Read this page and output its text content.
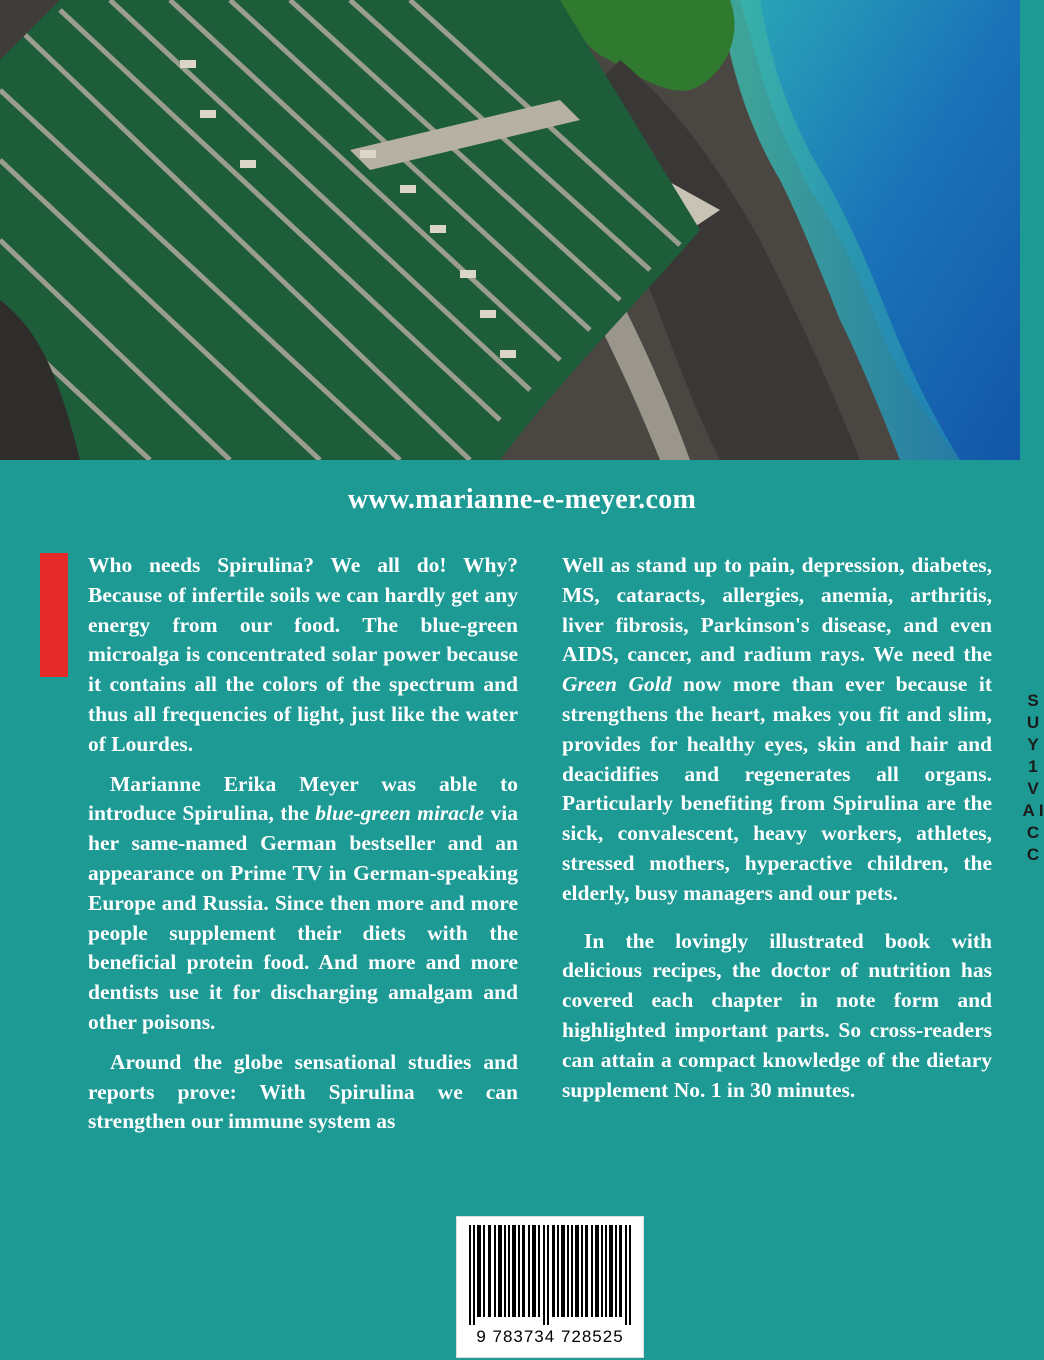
www.marianne-e-meyer.com

Who needs Spirulina? We all do! Why? Because of infertile soils we can hardly get any energy from our food. The blue-green microalga is concentrated solar power because it contains all the colors of the spectrum and thus all frequencies of light, just like the water of Lourdes.

Marianne Erika Meyer was able to introduce Spirulina, the blue-green miracle via her same-named German bestseller and an appearance on Prime TV in German-speaking Europe and Russia. Since then more and more people supplement their diets with the beneficial protein food. And more and more dentists use it for discharging amalgam and other poisons.

Around the globe sensational studies and reports prove: With Spirulina we can strengthen our immune system as

Well as stand up to pain, depression, diabetes, MS, cataracts, allergies, anemia, arthritis, liver fibrosis, Parkinson's disease, and even AIDS, cancer, and radium rays. We need the Green Gold now more than ever because it strengthens the heart, makes you fit and slim, provides for healthy eyes, skin and hair and deacidifies and regenerates all organs. Particularly benefiting from Spirulina are the sick, convalescent, heavy workers, athletes, stressed mothers, hyperactive children, the elderly, busy managers and our pets.

In the lovingly illustrated book with delicious recipes, the doctor of nutrition has covered each chapter in note form and highlighted important parts. So cross-readers can attain a compact knowledge of the dietary supplement No. 1 in 30 minutes.

S U Y 1 V A I C C
9 783734 728525
